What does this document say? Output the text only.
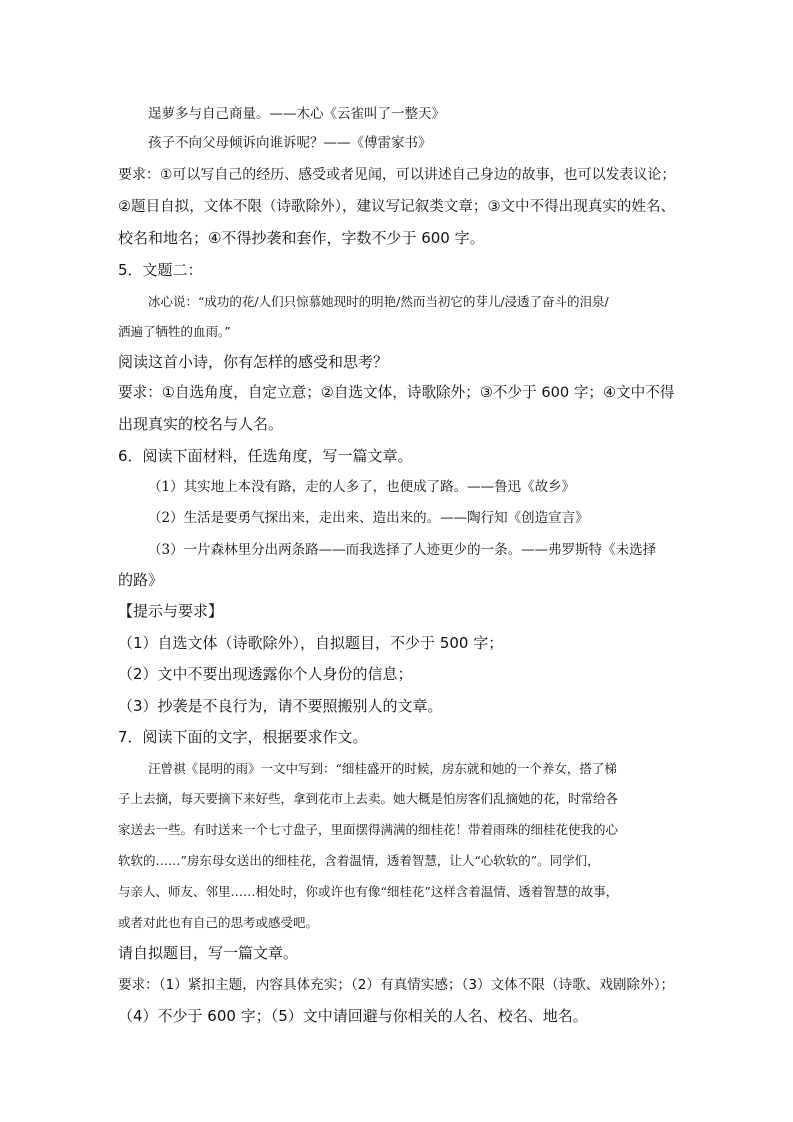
逞萝多与自己商量。——木心《云雀叫了一整天》
孩子不向父母倾诉向谁诉呢？——《傅雷家书》
要求：①可以写自己的经历、感受或者见闻，可以讲述自己身边的故事，也可以发表议论；
②题目自拟，文体不限（诗歌除外），建议写记叙类文章；③文中不得出现真实的姓名、
校名和地名；④不得抄袭和套作，字数不少于 600 字。
5．文题二：
冰心说：“成功的花/人们只惊慕她现时的明艳/然而当初它的芽儿/浸透了奋斗的泪泉/
洒遍了牺牲的血雨。”
阅读这首小诗，你有怎样的感受和思考？
要求：①自选角度，自定立意；②自选文体，诗歌除外；③不少于 600 字；④文中不得
出现真实的校名与人名。
6．阅读下面材料，任选角度，写一篇文章。
（1）其实地上本没有路，走的人多了，也便成了路。——鲁迅《故乡》
（2）生活是要勇气探出来，走出来、造出来的。——陶行知《创造宣言》
（3）一片森林里分出两条路——而我选择了人迹更少的一条。——弗罗斯特《未选择
的路》
【提示与要求】
（1）自选文体（诗歌除外），自拟题目，不少于 500 字；
（2）文中不要出现透露你个人身份的信息；
（3）抄袭是不良行为，请不要照搬别人的文章。
7．阅读下面的文字，根据要求作文。
汪曾祺《昆明的雨》一文中写到：“细桂盛开的时候，房东就和她的一个养女，搭了梯
子上去摘，每天要摘下来好些，拿到花市上去卖。她大概是怕房客们乱摘她的花，时常给各
家送去一些。有时送来一个七寸盘子，里面摆得满满的细桂花！带着雨珠的细桂花使我的心
软软的……”房东母女送出的细桂花，含着温情，透着智慧，让人“心软软的”。同学们，
与亲人、师友、邻里……相处时，你或许也有像“细桂花”这样含着温情、透着智慧的故事，
或者对此也有自己的思考或感受吧。
请自拟题目，写一篇文章。
要求：（1）紧扣主题，内容具体充实；（2）有真情实感；（3）文体不限（诗歌、戏剧除外）；
（4）不少于 600 字；（5）文中请回避与你相关的人名、校名、地名。
